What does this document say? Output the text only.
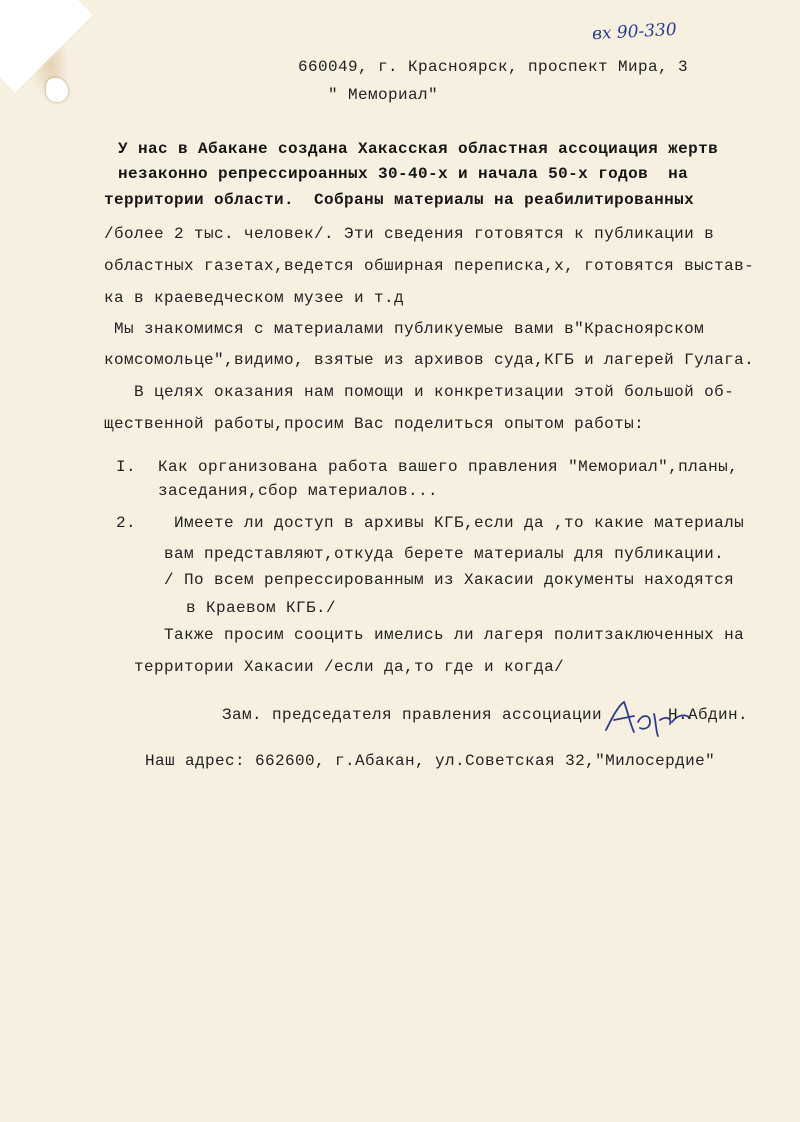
вх 90-330
660049, г. Красноярск, проспект Мира, 3
" Мемориал"
У нас в Абакане создана Хакасская областная ассоциация жертв
незаконно репрессироанных 30-40-х и начала 50-х годов  на
территории области.  Собраны материалы на реабилитированных
/более 2 тыс. человек/. Эти сведения готовятся к публикации в
областных газетах,ведется обширная переписка,х, готовятся выстав-
ка в краеведческом музее и т.д
Мы знакомимся с материалами публикуемые вами в"Красноярском
комсомольце",видимо, взятые из архивов суда,КГБ и лагерей Гулага.
В целях оказания нам помощи и конкретизации этой большой об-
щественной работы,просим Вас поделиться опытом работы:
I. Как организована работа вашего правления "Мемориал",планы,
заседания,сбор материалов...
2. Имеете ли доступ в архивы КГБ,если да ,то какие материалы
вам представляют,откуда берете материалы для публикации.
/ По всем репрессированным из Хакасии документы находятся
в Краевом КГБ./
Также просим сооцить имелись ли лагеря политзаключенных на
территории Хакасии /если да,то где и когда/
Зам. председателя правления ассоциации	Н.Абдин.
Наш адрес: 662600, г.Абакан, ул.Советская 32,"Милосердие"
